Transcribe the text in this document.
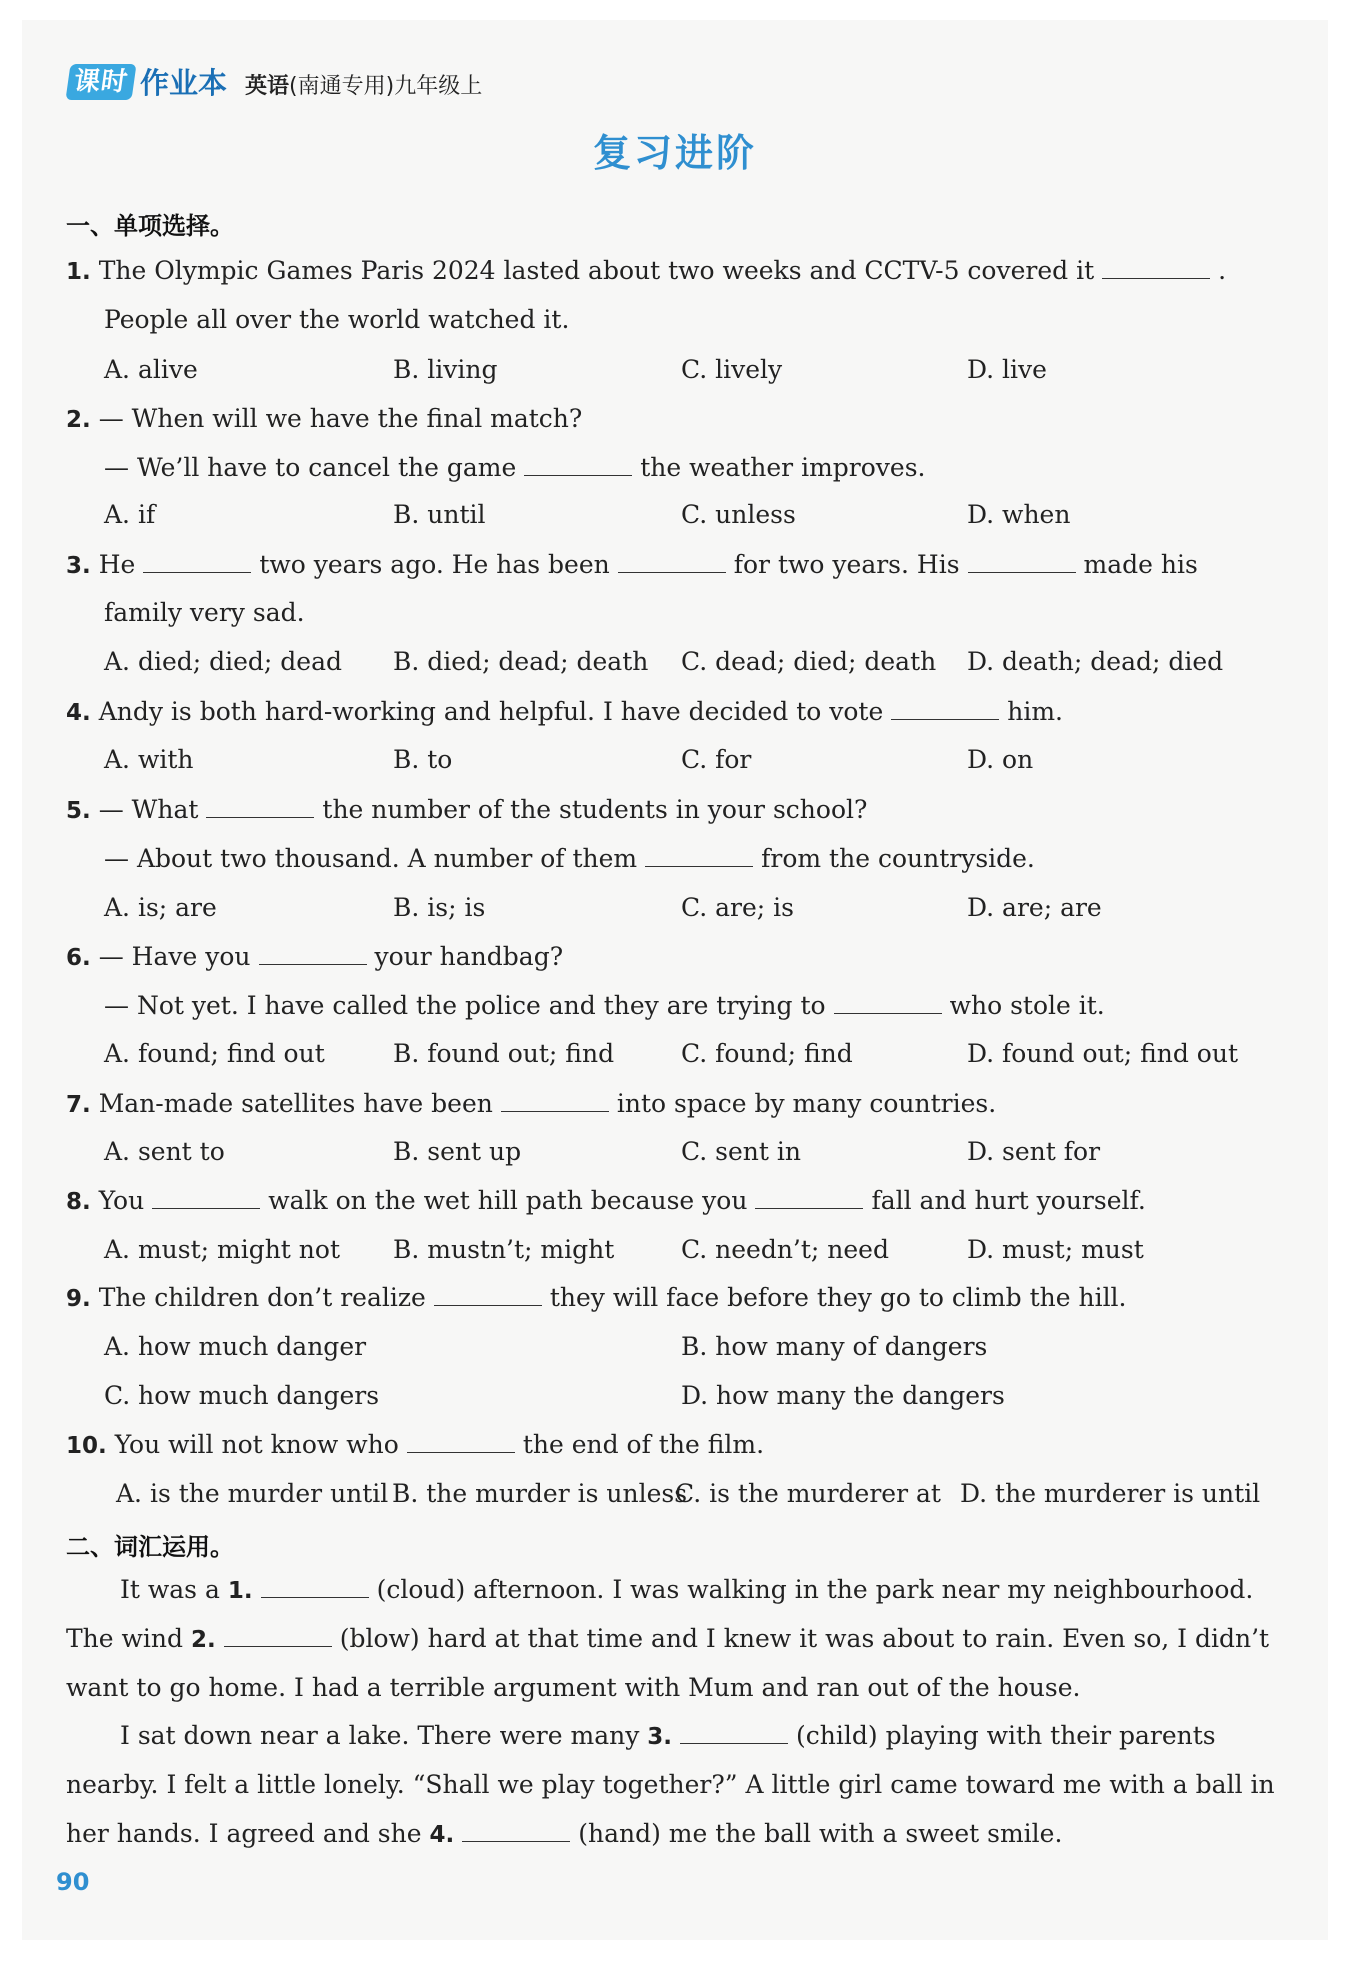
课时 作业本 英语(南通专用)九年级上
复习进阶
一、单项选择。
1. The Olympic Games Paris 2024 lasted about two weeks and CCTV-5 covered it	.
People all over the world watched it.
A. alive	B. living	C. lively	D. live
2. — When will we have the final match?
— We’ll have to cancel the game	the weather improves.
A. if	B. until	C. unless	D. when
3. He	two years ago. He has been	for two years. His	made his
family very sad.
A. died; died; dead B. died; dead; death C. dead; died; death D. death; dead; died
4. Andy is both hard-working and helpful. I have decided to vote	him.
A. with	B. to	C. for	D. on
5. — What	the number of the students in your school?
— About two thousand. A number of them	from the countryside.
A. is; are	B. is; is	C. are; is	D. are; are
6. — Have you	your handbag?
— Not yet. I have called the police and they are trying to	who stole it.
A. found; find out	B. found out; find	C. found; find	D. found out; find out
7. Man-made satellites have been	into space by many countries.
A. sent to	B. sent up	C. sent in	D. sent for
8. You	walk on the wet hill path because you	fall and hurt yourself.
A. must; might not B. mustn’t; might	C. needn’t; need	D. must; must
9. The children don’t realize	they will face before they go to climb the hill.
A. how much danger	B. how many of dangers
C. how much dangers	D. how many the dangers
10. You will not know who	the end of the film.
A. is the murder until B. the murder is unless
C. is the murderer at D. the murderer is until
二、词汇运用。
It was a 1.	(cloud) afternoon. I was walking in the park near my neighbourhood.
The wind 2.	(blow) hard at that time and I knew it was about to rain. Even so, I didn’t
want to go home. I had a terrible argument with Mum and ran out of the house.
I sat down near a lake. There were many 3.	(child) playing with their parents
nearby. I felt a little lonely. “Shall we play together?” A little girl came toward me with a ball in
her hands. I agreed and she 4.	(hand) me the ball with a sweet smile.
90
